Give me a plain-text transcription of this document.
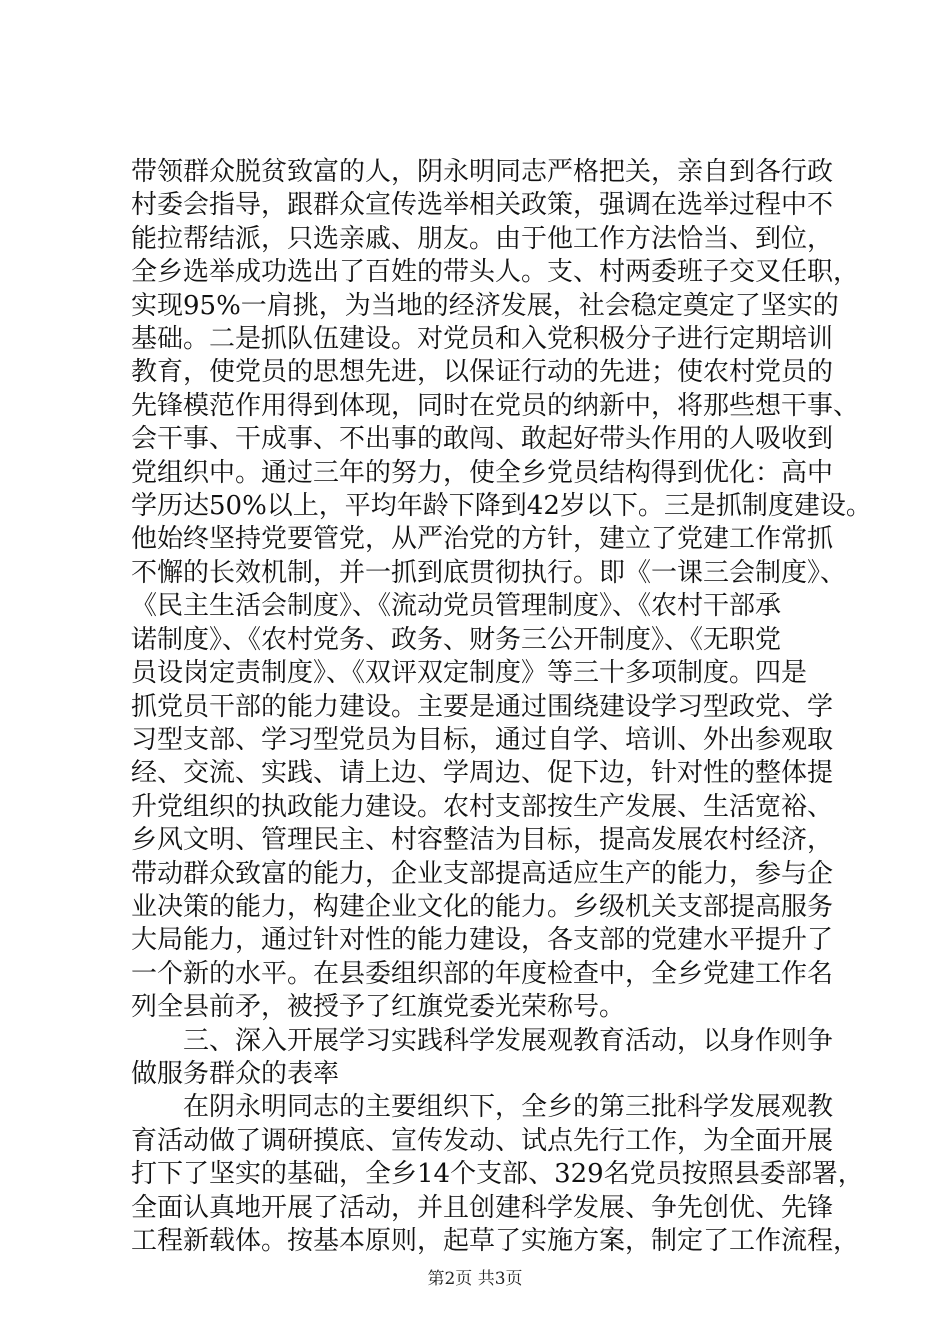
带领群众脱贫致富的人，阴永明同志严格把关，亲自到各行政
村委会指导，跟群众宣传选举相关政策，强调在选举过程中不
能拉帮结派，只选亲戚、朋友。由于他工作方法恰当、到位，
全乡选举成功选出了百姓的带头人。支、村两委班子交叉任职，
实现95%一肩挑，为当地的经济发展，社会稳定奠定了坚实的
基础。二是抓队伍建设。对党员和入党积极分子进行定期培训
教育，使党员的思想先进，以保证行动的先进；使农村党员的
先锋模范作用得到体现，同时在党员的纳新中，将那些想干事、
会干事、干成事、不出事的敢闯、敢起好带头作用的人吸收到
党组织中。通过三年的努力，使全乡党员结构得到优化：高中
学历达50%以上，平均年龄下降到42岁以下。三是抓制度建设。
他始终坚持党要管党，从严治党的方针，建立了党建工作常抓
不懈的长效机制，并一抓到底贯彻执行。即《一课三会制度》、
《民主生活会制度》、《流动党员管理制度》、《农村干部承
诺制度》、《农村党务、政务、财务三公开制度》、《无职党
员设岗定责制度》、《双评双定制度》等三十多项制度。四是
抓党员干部的能力建设。主要是通过围绕建设学习型政党、学
习型支部、学习型党员为目标，通过自学、培训、外出参观取
经、交流、实践、请上边、学周边、促下边，针对性的整体提
升党组织的执政能力建设。农村支部按生产发展、生活宽裕、
乡风文明、管理民主、村容整洁为目标，提高发展农村经济，
带动群众致富的能力，企业支部提高适应生产的能力，参与企
业决策的能力，构建企业文化的能力。乡级机关支部提高服务
大局能力，通过针对性的能力建设，各支部的党建水平提升了
一个新的水平。在县委组织部的年度检查中，全乡党建工作名
列全县前矛，被授予了红旗党委光荣称号。
　　三、深入开展学习实践科学发展观教育活动，以身作则争
做服务群众的表率
　　在阴永明同志的主要组织下，全乡的第三批科学发展观教
育活动做了调研摸底、宣传发动、试点先行工作，为全面开展
打下了坚实的基础，全乡14个支部、329名党员按照县委部署，
全面认真地开展了活动，并且创建科学发展、争先创优、先锋
工程新载体。按基本原则，起草了实施方案，制定了工作流程，
第2页 共3页
